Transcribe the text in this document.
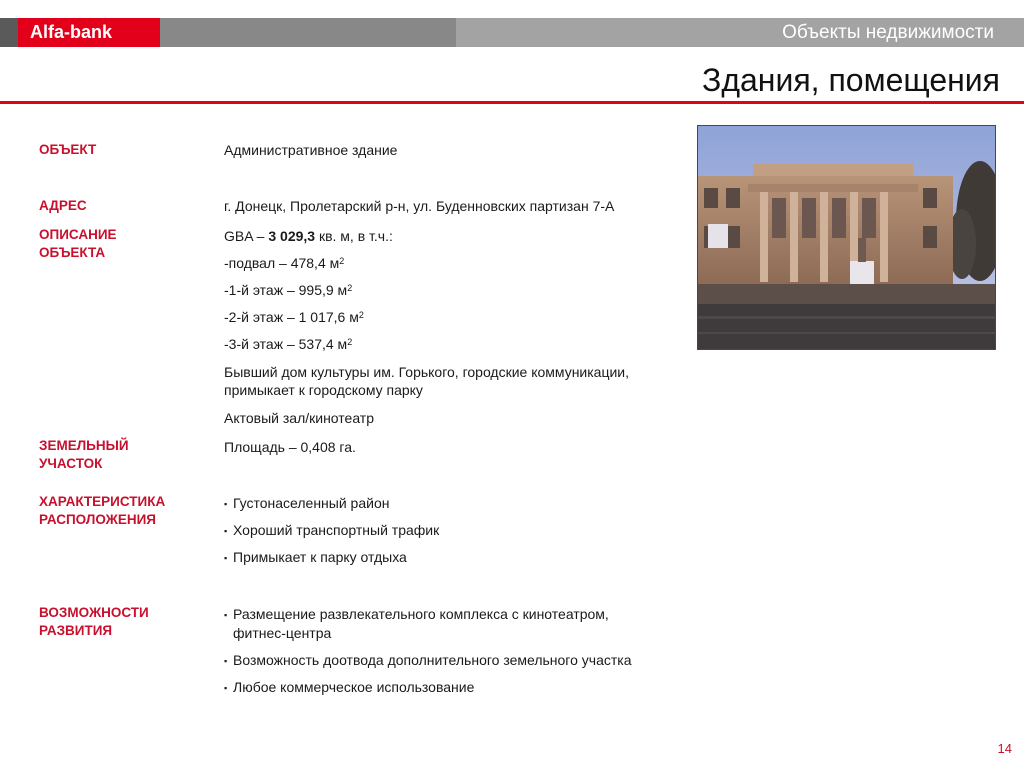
Объекты недвижимости
Alfa-bank
Здания, помещения
ОБЪЕКТ	Административное здание
АДРЕС	г. Донецк, Пролетарский р-н, ул. Буденновских партизан 7-А
ОПИСАНИЕ
ОБЪЕКТА
GBA – 3 029,3 кв. м, в т.ч.:
-подвал – 478,4 $м^2$
-1-й этаж – 995,9 $м^2$
-2-й этаж – 1 017,6 $м^2$
-3-й этаж – 537,4 $м^2$
Бывший дом культуры им. Горького, городские коммуникации,
примыкает к городскому парку
Актовый зал/кинотеатр
ЗЕМЕЛЬНЫЙ
УЧАСТОК
Площадь – 0,408 га.
ХАРАКТЕРИСТИКА
РАСПОЛОЖЕНИЯ
▪ Густонаселенный район
▪ Хороший транспортный трафик
▪ Примыкает к парку отдыха
ВОЗМОЖНОСТИ
РАЗВИТИЯ
▪ Размещение развлекательного комплекса с кинотеатром,
фитнес-центра
▪ Возможность доотвода дополнительного земельного участка
▪ Любое коммерческое использование
14
